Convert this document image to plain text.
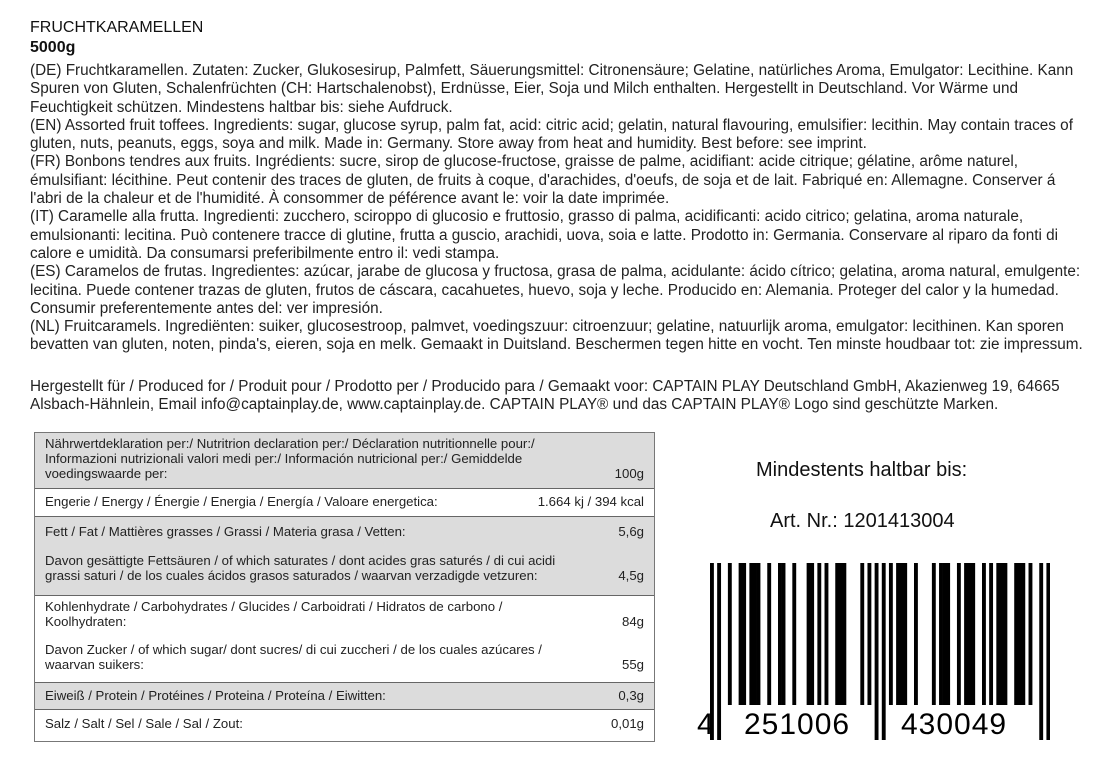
FRUCHTKARAMELLEN
5000g

(DE) Fruchtkaramellen. Zutaten: Zucker, Glukosesirup, Palmfett, Säuerungsmittel: Citronensäure; Gelatine, natürliches Aroma, Emulgator: Lecithine. Kann Spuren von Gluten, Schalenfrüchten (CH: Hartschalenobst), Erdnüsse, Eier, Soja und Milch enthalten. Hergestellt in Deutschland. Vor Wärme und Feuchtigkeit schützen. Mindestens haltbar bis: siehe Aufdruck.

(EN) Assorted fruit toffees. Ingredients: sugar, glucose syrup, palm fat, acid: citric acid; gelatin, natural flavouring, emulsifier: lecithin. May contain traces of gluten, nuts, peanuts, eggs, soya and milk. Made in: Germany. Store away from heat and humidity. Best before: see imprint.

(FR) Bonbons tendres aux fruits. Ingrédients: sucre, sirop de glucose-fructose, graisse de palme, acidifiant: acide citrique; gélatine, arôme naturel, émulsifiant: lécithine. Peut contenir des traces de gluten, de fruits à coque, d'arachides, d'oeufs, de soja et de lait. Fabriqué en: Allemagne. Conserver á l'abri de la chaleur et de l'humidité. À consommer de péférence avant le: voir la date imprimée.

(IT) Caramelle alla frutta. Ingredienti: zucchero, sciroppo di glucosio e fruttosio, grasso di palma, acidificanti: acido citrico; gelatina, aroma naturale, emulsionanti: lecitina. Può contenere tracce di glutine, frutta a guscio, arachidi, uova, soia e latte. Prodotto in: Germania. Conservare al riparo da fonti di calore e umidità. Da consumarsi preferibilmente entro il: vedi stampa.

(ES) Caramelos de frutas. Ingredientes: azúcar, jarabe de glucosa y fructosa, grasa de palma, acidulante: ácido cítrico; gelatina, aroma natural, emulgente: lecitina. Puede contener trazas de gluten, frutos de cáscara, cacahuetes, huevo, soja y leche. Producido en: Alemania. Proteger del calor y la humedad. Consumir preferentemente antes del: ver impresión.

(NL) Fruitcaramels. Ingrediënten: suiker, glucosestroop, palmvet, voedingszuur: citroenzuur; gelatine, natuurlijk aroma, emulgator: lecithinen. Kan sporen bevatten van gluten, noten, pinda's, eieren, soja en melk. Gemaakt in Duitsland. Beschermen tegen hitte en vocht. Ten minste houdbaar tot: zie impressum.

Hergestellt für / Produced for / Produit pour / Prodotto per / Producido para / Gemaakt voor: CAPTAIN PLAY Deutschland GmbH, Akazienweg 19, 64665 Alsbach-Hähnlein, Email info@captainplay.de, www.captainplay.de. CAPTAIN PLAY® und das CAPTAIN PLAY® Logo sind geschützte Marken.

Nährwertdeklaration per:/ Nutritrion declaration per:/ Déclaration nutritionnelle pour:/
Informazioni nutrizionali valori medi per:/ Información nutricional per:/ Gemiddelde
voedingswaarde per:	100g
Engerie / Energy / Énergie / Energia / Energía / Valoare energetica:	1.664 kj / 394 kcal
Fett / Fat / Mattières grasses / Grassi / Materia grasa / Vetten:	5,6g
Davon gesättigte Fettsäuren / of which saturates / dont acides gras saturés / di cui acidi
grassi saturi / de los cuales ácidos grasos saturados / waarvan verzadigde vetzuren:	4,5g
Kohlenhydrate / Carbohydrates / Glucides / Carboidrati / Hidratos de carbono /
Koolhydraten:	84g
Davon Zucker / of which sugar/ dont sucres/ di cui zuccheri / de los cuales azúcares /
waarvan suikers:	55g
Eiweiß / Protein / Protéines / Proteina / Proteína / Eiwitten:	0,3g
Salz / Salt / Sel / Sale / Sal / Zout:	0,01g
Mindestents haltbar bis:
Art. Nr.: 1201413004
4 251006 430049
